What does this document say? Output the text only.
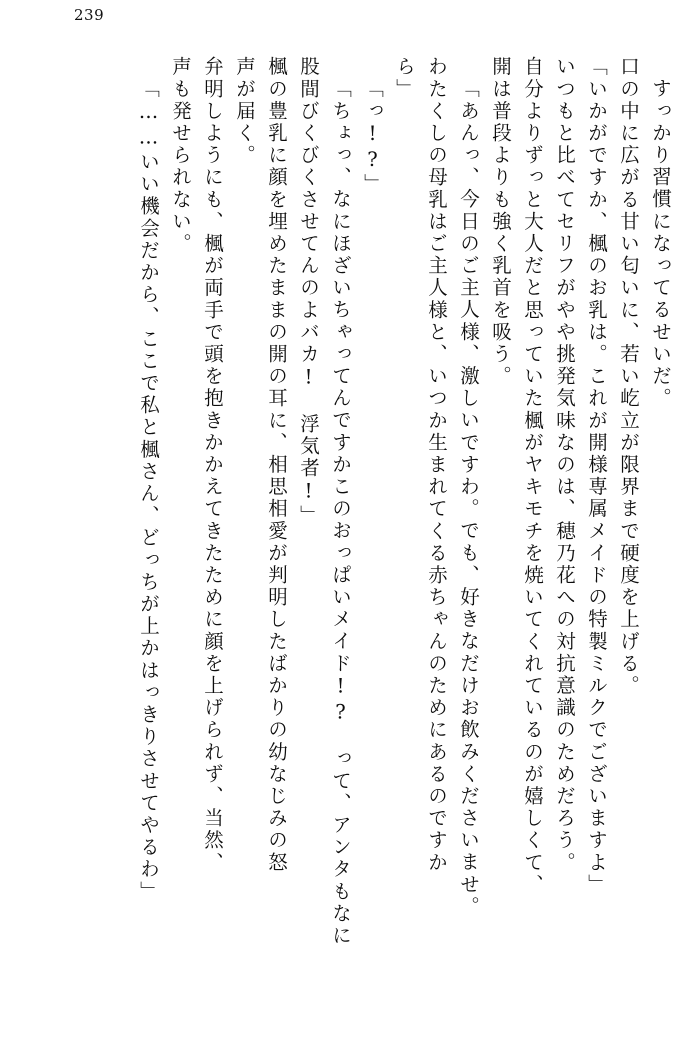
239
すっかり習慣になってるせいだ。
口の中に広がる甘い匂いに、若い屹立が限界まで硬度を上げる。
「いかがですか、楓のお乳は。これが開様専属メイドの特製ミルクでございますよ」
いつもと比べてセリフがやや挑発気味なのは、穂乃花への対抗意識のためだろう。
自分よりずっと大人だと思っていた楓がヤキモチを焼いてくれているのが嬉しくて、
開は普段よりも強く乳首を吸う。
「あんっ、今日のご主人様、激しいですわ。でも、好きなだけお飲みくださいませ。
わたくしの母乳はご主人様と、いつか生まれてくる赤ちゃんのためにあるのですか
ら」
「っ!?」
「ちょっ、なにほざいちゃってんですかこのおっぱいメイド!?　って、アンタもなに
股間びくびくさせてんのよバカ!　浮気者!」
楓の豊乳に顔を埋めたままの開の耳に、相思相愛が判明したばかりの幼なじみの怒
声が届く。
弁明しようにも、楓が両手で頭を抱きかかえてきたために顔を上げられず、当然、
声も発せられない。
「……いい機会だから、ここで私と楓さん、どっちが上かはっきりさせてやるわ」
